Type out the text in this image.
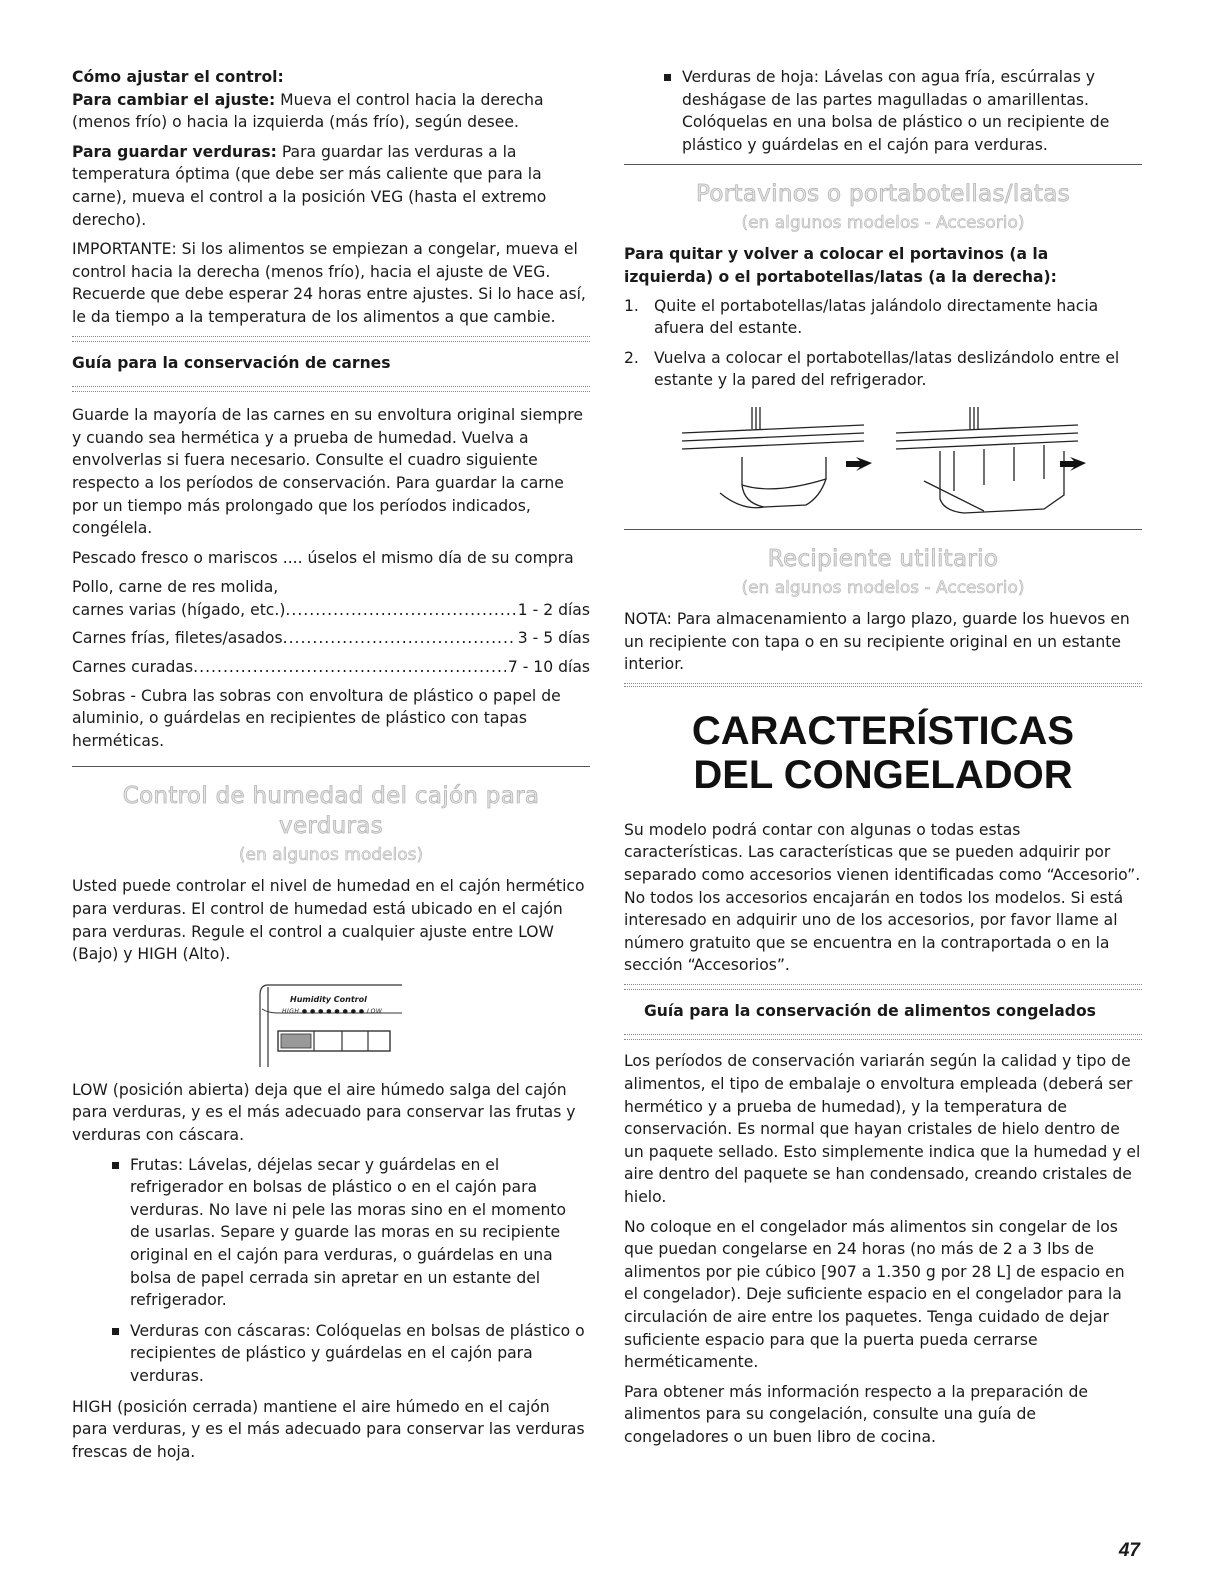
Cómo ajustar el control:

Para cambiar el ajuste: Mueva el control hacia la derecha (menos frío) o hacia la izquierda (más frío), según desee.

Para guardar verduras: Para guardar las verduras a la temperatura óptima (que debe ser más caliente que para la carne), mueva el control a la posición VEG (hasta el extremo derecho).

IMPORTANTE: Si los alimentos se empiezan a congelar, mueva el control hacia la derecha (menos frío), hacia el ajuste de VEG. Recuerde que debe esperar 24 horas entre ajustes. Si lo hace así, le da tiempo a la temperatura de los alimentos a que cambie.

Guía para la conservación de carnes

Guarde la mayoría de las carnes en su envoltura original siempre y cuando sea hermética y a prueba de humedad. Vuelva a envolverlas si fuera necesario. Consulte el cuadro siguiente respecto a los períodos de conservación. Para guardar la carne por un tiempo más prolongado que los períodos indicados, congélela.

Pescado fresco o mariscos .... úselos el mismo día de su compra

Pollo, carne de res molida,

carnes varias (hígado, etc.) .....	1 - 2 días
Carnes frías, filetes/asados .....	3 - 5 días
Carnes curadas .....	7 - 10 días

Sobras - Cubra las sobras con envoltura de plástico o papel de aluminio, o guárdelas en recipientes de plástico con tapas herméticas.

Control de humedad del cajón para verduras

(en algunos modelos)

Usted puede controlar el nivel de humedad en el cajón hermético para verduras. El control de humedad está ubicado en el cajón para verduras. Regule el control a cualquier ajuste entre LOW (Bajo) y HIGH (Alto).

Humidity Control
HIGH ● ● ● ● ● ● ● ● LOW

LOW (posición abierta) deja que el aire húmedo salga del cajón para verduras, y es el más adecuado para conservar las frutas y verduras con cáscara.

Frutas: Lávelas, déjelas secar y guárdelas en el refrigerador en bolsas de plástico o en el cajón para verduras. No lave ni pele las moras sino en el momento de usarlas. Separe y guarde las moras en su recipiente original en el cajón para verduras, o guárdelas en una bolsa de papel cerrada sin apretar en un estante del refrigerador.
Verduras con cáscaras: Colóquelas en bolsas de plástico o recipientes de plástico y guárdelas en el cajón para verduras.

HIGH (posición cerrada) mantiene el aire húmedo en el cajón para verduras, y es el más adecuado para conservar las verduras frescas de hoja.

Verduras de hoja: Lávelas con agua fría, escúrralas y deshágase de las partes magulladas o amarillentas. Colóquelas en una bolsa de plástico o un recipiente de plástico y guárdelas en el cajón para verduras.

Portavinos o portabotellas/latas

(en algunos modelos - Accesorio)

Para quitar y volver a colocar el portavinos (a la izquierda) o el portabotellas/latas (a la derecha):

1. Quite el portabotellas/latas jalándolo directamente hacia afuera del estante.
2. Vuelva a colocar el portabotellas/latas deslizándolo entre el estante y la pared del refrigerador.

Recipiente utilitario

(en algunos modelos - Accesorio)

NOTA: Para almacenamiento a largo plazo, guarde los huevos en un recipiente con tapa o en su recipiente original en un estante interior.

CARACTERÍSTICAS
DEL CONGELADOR

Su modelo podrá contar con algunas o todas estas características. Las características que se pueden adquirir por separado como accesorios vienen identificadas como “Accesorio”. No todos los accesorios encajarán en todos los modelos. Si está interesado en adquirir uno de los accesorios, por favor llame al número gratuito que se encuentra en la contraportada o en la sección “Accesorios”.

Guía para la conservación de alimentos congelados

Los períodos de conservación variarán según la calidad y tipo de alimentos, el tipo de embalaje o envoltura empleada (deberá ser hermético y a prueba de humedad), y la temperatura de conservación. Es normal que hayan cristales de hielo dentro de un paquete sellado. Esto simplemente indica que la humedad y el aire dentro del paquete se han condensado, creando cristales de hielo.

No coloque en el congelador más alimentos sin congelar de los que puedan congelarse en 24 horas (no más de 2 a 3 lbs de alimentos por pie cúbico [907 a 1.350 g por 28 L] de espacio en el congelador). Deje suficiente espacio en el congelador para la circulación de aire entre los paquetes. Tenga cuidado de dejar suficiente espacio para que la puerta pueda cerrarse herméticamente.

Para obtener más información respecto a la preparación de alimentos para su congelación, consulte una guía de congeladores o un buen libro de cocina.

47
